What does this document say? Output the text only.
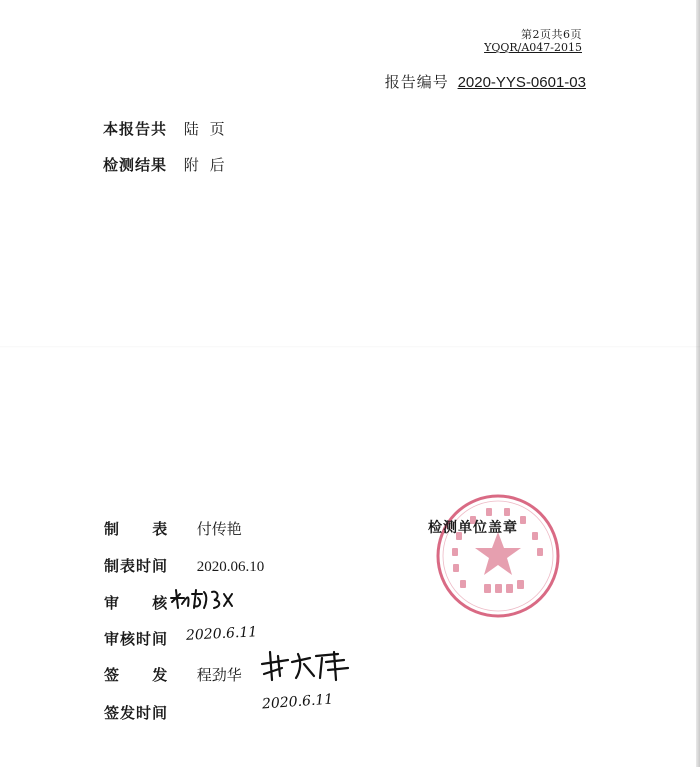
第2页共6页
YQQR/A047-2015
报告编号 2020-YYS-0601-03
本报告共 陆 页
检测结果 附 后
制 表 付传艳
制表时间 2020.06.10
审 核
审核时间	2020.6.11
签 发 程劲华
签发时间
2020.6.11
检测单位盖章
